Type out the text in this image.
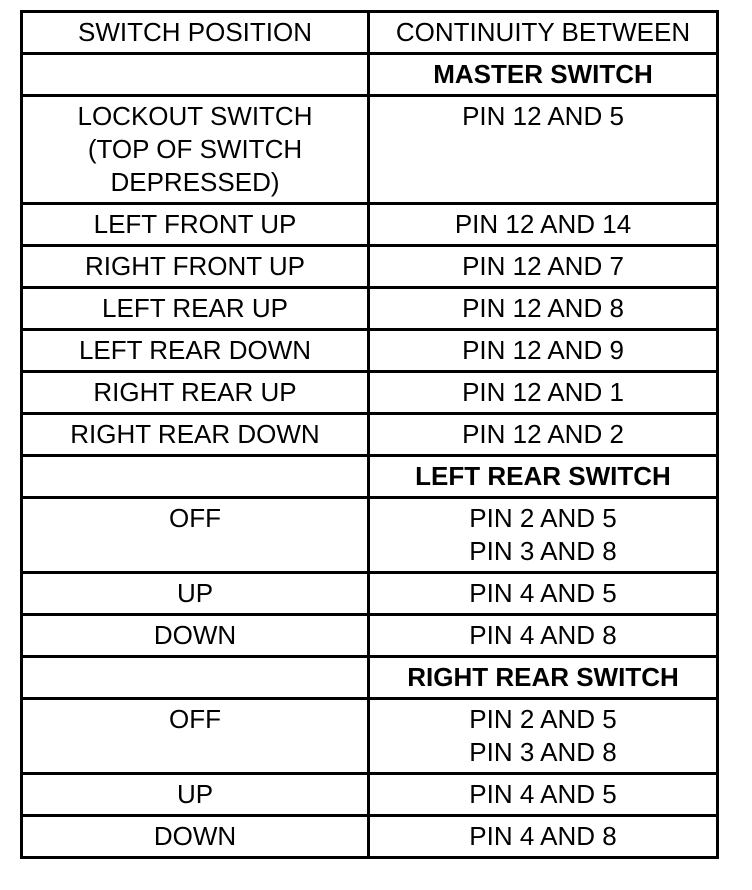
SWITCH POSITION	CONTINUITY BETWEEN
	MASTER SWITCH

LOCKOUT SWITCH
(TOP OF SWITCH
DEPRESSED)	PIN 12 AND 5

LEFT FRONT UP	PIN 12 AND 14

RIGHT FRONT UP	PIN 12 AND 7

LEFT REAR UP	PIN 12 AND 8

LEFT REAR DOWN	PIN 12 AND 9

RIGHT REAR UP	PIN 12 AND 1

RIGHT REAR DOWN	PIN 12 AND 2

	LEFT REAR SWITCH

OFF	PIN 2 AND 5
PIN 3 AND 8

UP	PIN 4 AND 5

DOWN	PIN 4 AND 8

	RIGHT REAR SWITCH

OFF	PIN 2 AND 5
PIN 3 AND 8

UP	PIN 4 AND 5

DOWN	PIN 4 AND 8
